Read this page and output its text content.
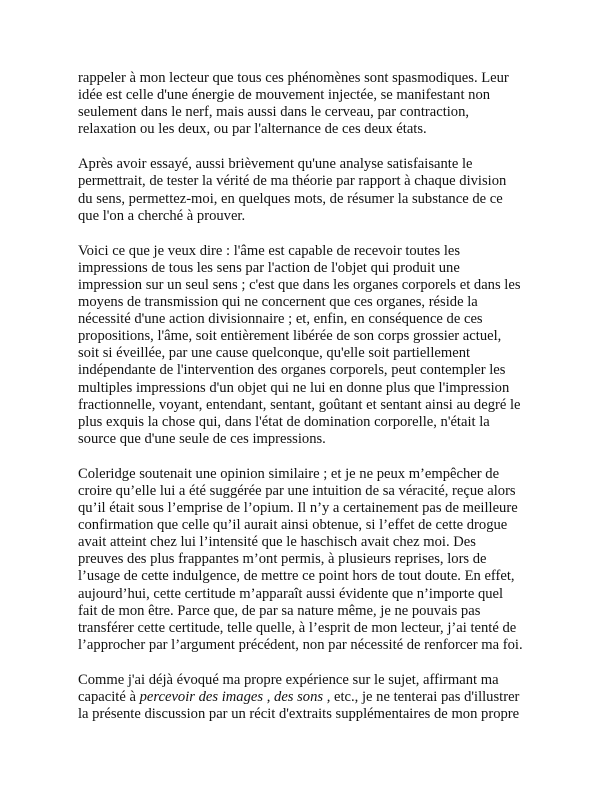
rappeler à mon lecteur que tous ces phénomènes sont spasmodiques. Leur
idée est celle d'une énergie de mouvement injectée, se manifestant non
seulement dans le nerf, mais aussi dans le cerveau, par contraction,
relaxation ou les deux, ou par l'alternance de ces deux états.

Après avoir essayé, aussi brièvement qu'une analyse satisfaisante le
permettrait, de tester la vérité de ma théorie par rapport à chaque division
du sens, permettez-moi, en quelques mots, de résumer la substance de ce
que l'on a cherché à prouver.

Voici ce que je veux dire : l'âme est capable de recevoir toutes les
impressions de tous les sens par l'action de l'objet qui produit une
impression sur un seul sens ; c'est que dans les organes corporels et dans les
moyens de transmission qui ne concernent que ces organes, réside la
nécessité d'une action divisionnaire ; et, enfin, en conséquence de ces
propositions, l'âme, soit entièrement libérée de son corps grossier actuel,
soit si éveillée, par une cause quelconque, qu'elle soit partiellement
indépendante de l'intervention des organes corporels, peut contempler les
multiples impressions d'un objet qui ne lui en donne plus que l'impression
fractionnelle, voyant, entendant, sentant, goûtant et sentant ainsi au degré le
plus exquis la chose qui, dans l'état de domination corporelle, n'était la
source que d'une seule de ces impressions.

Coleridge soutenait une opinion similaire ; et je ne peux m’empêcher de
croire qu’elle lui a été suggérée par une intuition de sa véracité, reçue alors
qu’il était sous l’emprise de l’opium. Il n’y a certainement pas de meilleure
confirmation que celle qu’il aurait ainsi obtenue, si l’effet de cette drogue
avait atteint chez lui l’intensité que le haschisch avait chez moi. Des
preuves des plus frappantes m’ont permis, à plusieurs reprises, lors de
l’usage de cette indulgence, de mettre ce point hors de tout doute. En effet,
aujourd’hui, cette certitude m’apparaît aussi évidente que n’importe quel
fait de mon être. Parce que, de par sa nature même, je ne pouvais pas
transférer cette certitude, telle quelle, à l’esprit de mon lecteur, j’ai tenté de
l’approcher par l’argument précédent, non par nécessité de renforcer ma foi.

Comme j'ai déjà évoqué ma propre expérience sur le sujet, affirmant ma
capacité à percevoir des images , des sons , etc., je ne tenterai pas d'illustrer
la présente discussion par un récit d'extraits supplémentaires de mon propre
